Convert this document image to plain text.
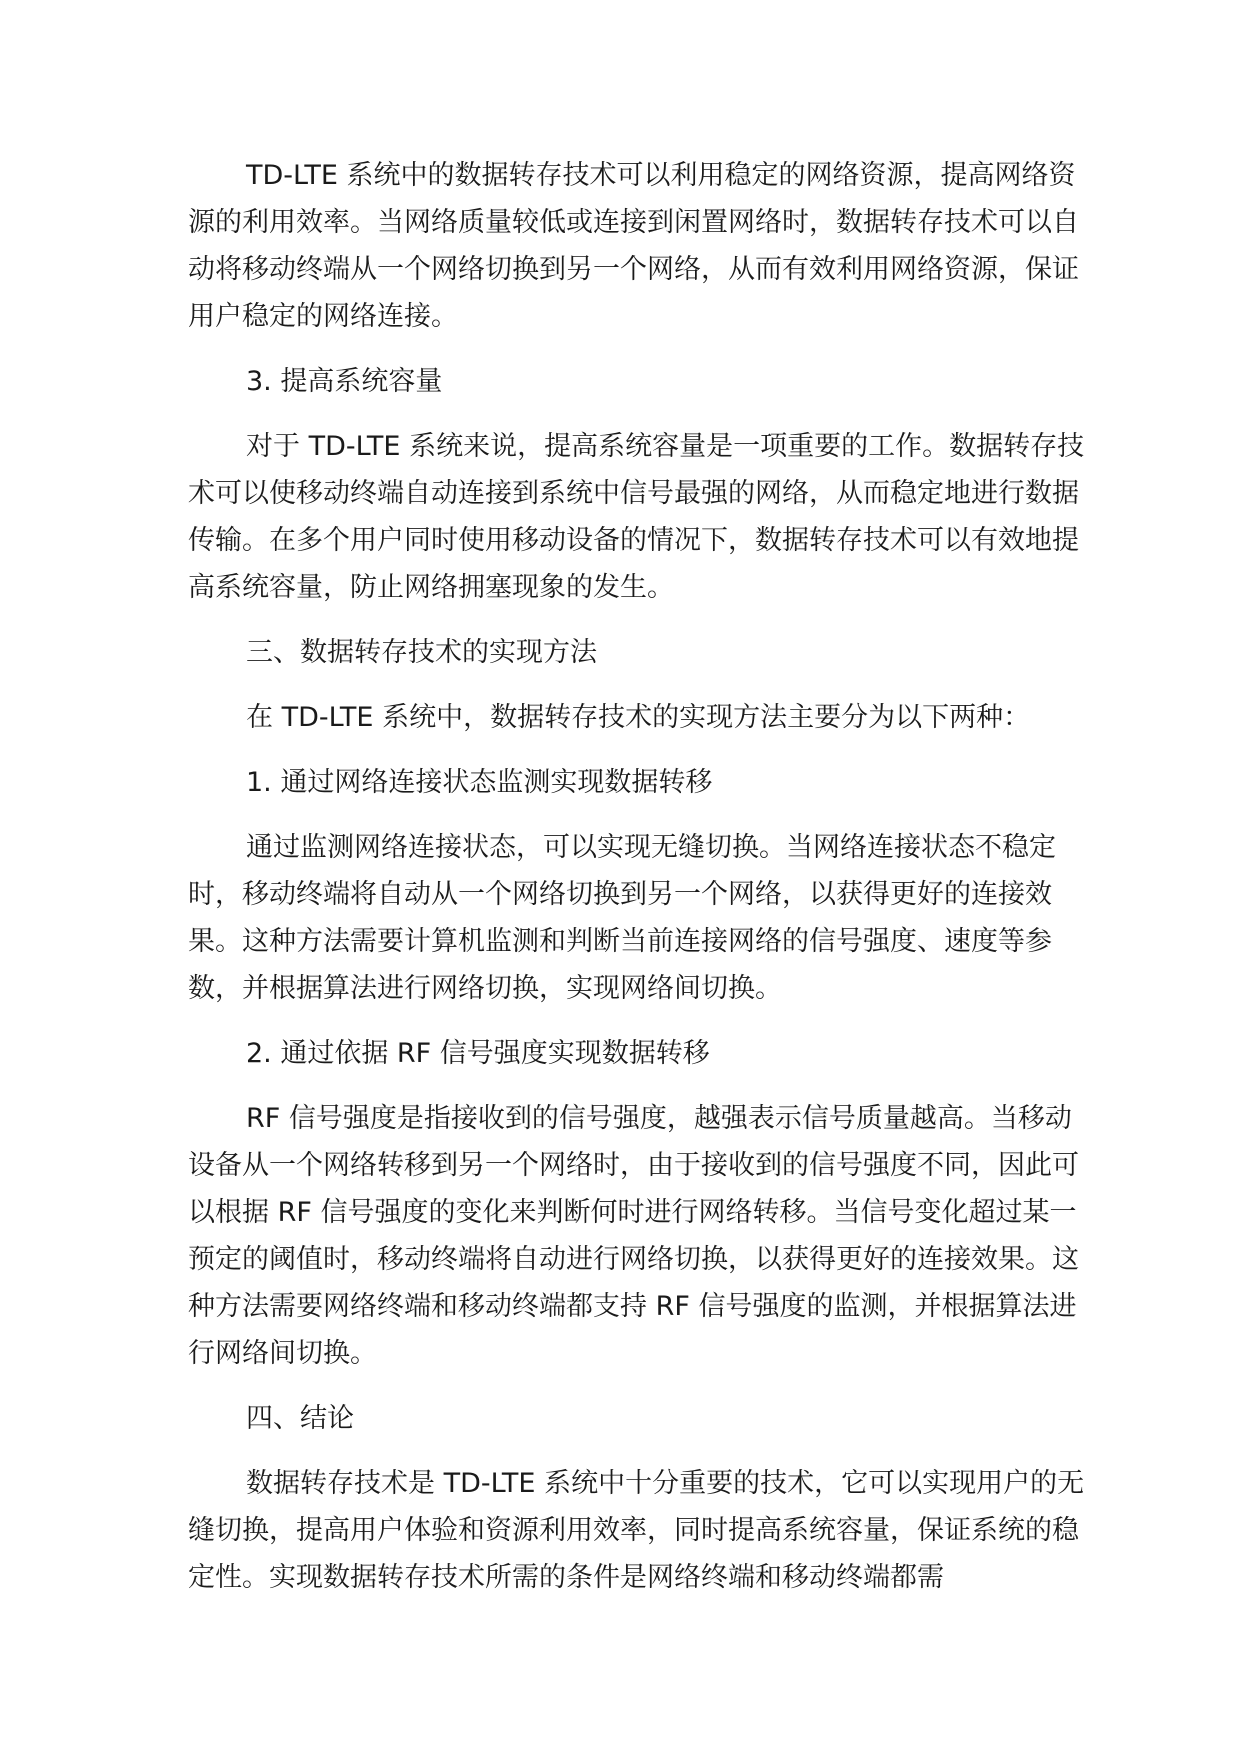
TD-LTE 系统中的数据转存技术可以利用稳定的网络资源，提高网络资源的利用效率。当网络质量较低或连接到闲置网络时，数据转存技术可以自动将移动终端从一个网络切换到另一个网络，从而有效利用网络资源，保证用户稳定的网络连接。

3. 提高系统容量

对于 TD-LTE 系统来说，提高系统容量是一项重要的工作。数据转存技术可以使移动终端自动连接到系统中信号最强的网络，从而稳定地进行数据传输。在多个用户同时使用移动设备的情况下，数据转存技术可以有效地提高系统容量，防止网络拥塞现象的发生。

三、数据转存技术的实现方法

在 TD-LTE 系统中，数据转存技术的实现方法主要分为以下两种：

1. 通过网络连接状态监测实现数据转移

通过监测网络连接状态，可以实现无缝切换。当网络连接状态不稳定时，移动终端将自动从一个网络切换到另一个网络，以获得更好的连接效果。这种方法需要计算机监测和判断当前连接网络的信号强度、速度等参数，并根据算法进行网络切换，实现网络间切换。

2. 通过依据 RF 信号强度实现数据转移

RF 信号强度是指接收到的信号强度，越强表示信号质量越高。当移动设备从一个网络转移到另一个网络时，由于接收到的信号强度不同，因此可以根据 RF 信号强度的变化来判断何时进行网络转移。当信号变化超过某一预定的阈值时，移动终端将自动进行网络切换，以获得更好的连接效果。这种方法需要网络终端和移动终端都支持 RF 信号强度的监测，并根据算法进行网络间切换。

四、结论

数据转存技术是 TD-LTE 系统中十分重要的技术，它可以实现用户的无缝切换，提高用户体验和资源利用效率，同时提高系统容量，保证系统的稳定性。实现数据转存技术所需的条件是网络终端和移动终端都需
